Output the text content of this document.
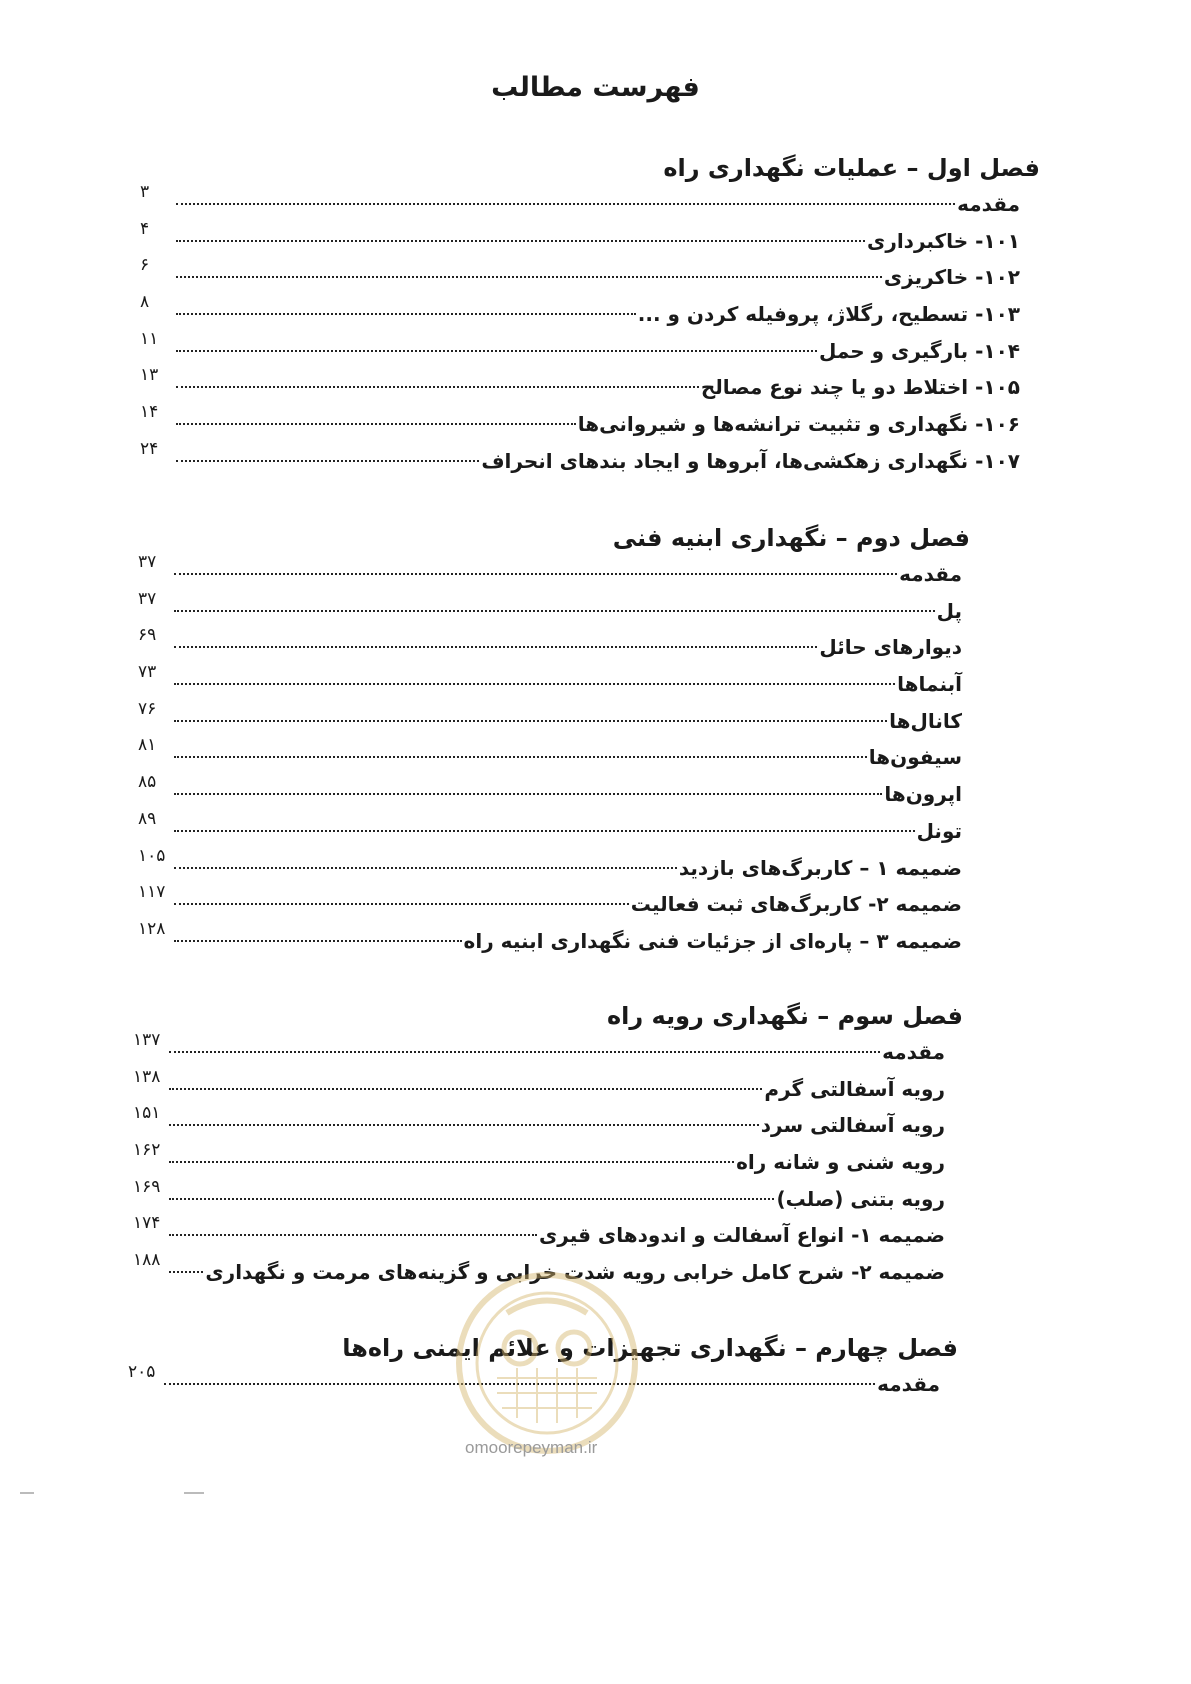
فهرست مطالب
فصل اول – عملیات نگهداری راه
مقدمه
۳
۱۰۱- خاکبرداری
۴
۱۰۲- خاکریزی
۶
۱۰۳- تسطیح، رگلاژ، پروفیله کردن و ...
۸
۱۰۴- بارگیری و حمل
۱۱
۱۰۵- اختلاط دو یا چند نوع مصالح
۱۳
۱۰۶- نگهداری و تثبیت ترانشه‌ها و شیروانی‌ها
۱۴
۱۰۷- نگهداری زهکشی‌ها، آبروها و ایجاد بندهای انحراف
۲۴
فصل دوم – نگهداری ابنیه فنی
مقدمه
۳۷
پل
۳۷
دیوارهای حائل
۶۹
آبنماها
۷۳
کانال‌ها
۷۶
سیفون‌ها
۸۱
اپرون‌ها
۸۵
تونل
۸۹
ضمیمه ۱ – کاربرگ‌های بازدید
۱۰۵
ضمیمه ۲- کاربرگ‌های ثبت فعالیت
۱۱۷
ضمیمه ۳ – پاره‌ای از جزئیات فنی نگهداری ابنیه راه
۱۲۸
فصل سوم – نگهداری رویه راه
مقدمه
۱۳۷
رویه آسفالتی گرم
۱۳۸
رویه آسفالتی سرد
۱۵۱
رویه شنی و شانه راه
۱۶۲
رویه بتنی (صلب)
۱۶۹
ضمیمه ۱- انواع آسفالت و اندودهای قیری
۱۷۴
ضمیمه ۲- شرح کامل خرابی رویه شدت خرابی و گزینه‌های مرمت و نگهداری
۱۸۸
فصل چهارم – نگهداری تجهیزات و علائم ایمنی راه‌ها
مقدمه
۲۰۵
omoorepeyman.ir
